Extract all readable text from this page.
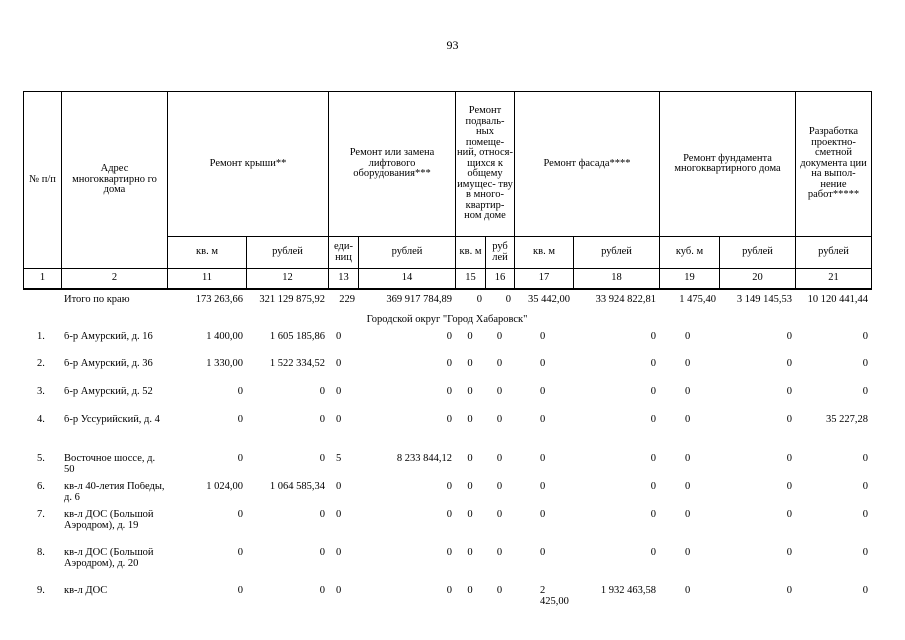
93
№ п/п	Адрес многоквартирно го дома	Ремонт крыши**		Ремонт или замена лифтового оборудования***		Ремонт подваль- ных помеще- ний, относя- щихся к общему имущес- тву в много- квартир- ном доме		Ремонт фасада****		Ремонт фундамента многоквартирного дома		Разработка проектно- сметной документа ции на выпол- нение работ*****
		кв. м	рублей	еди- ниц	рублей	кв. м	руб лей	кв. м	рублей	куб. м	рублей	рублей
1	2	11	12	13	14	15	16	17	18	19	20	21
	Итого по краю	173 263,66	321 129 875,92	229	369 917 784,89	0	0	35 442,00	33 924 822,81	1 475,40	3 149 145,53	10 120 441,44
Городской округ "Город Хабаровск"												
1.	б-р Амурский, д. 16	1 400,00	1 605 185,86	0	0	0	0	0	0	0	0	0
2.	б-р Амурский, д. 36	1 330,00	1 522 334,52	0	0	0	0	0	0	0	0	0
3.	б-р Амурский, д. 52	0	0	0	0	0	0	0	0	0	0	0
4.	б-р Уссурийский, д. 4	0	0	0	0	0	0	0	0	0	0	35 227,28
5.	Восточное шоссе, д. 50	0	0	5	8 233 844,12	0	0	0	0	0	0	0
6.	кв-л 40-летия Победы, д. 6	1 024,00	1 064 585,34	0	0	0	0	0	0	0	0	0
7.	кв-л ДОС (Большой Аэродром), д. 19	0	0	0	0	0	0	0	0	0	0	0
8.	кв-л ДОС (Большой Аэродром), д. 20	0	0	0	0	0	0	0	0	0	0	0
9.	кв-л ДОС	0	0	0	0	0	0	2 425,00	1 932 463,58	0	0	0
